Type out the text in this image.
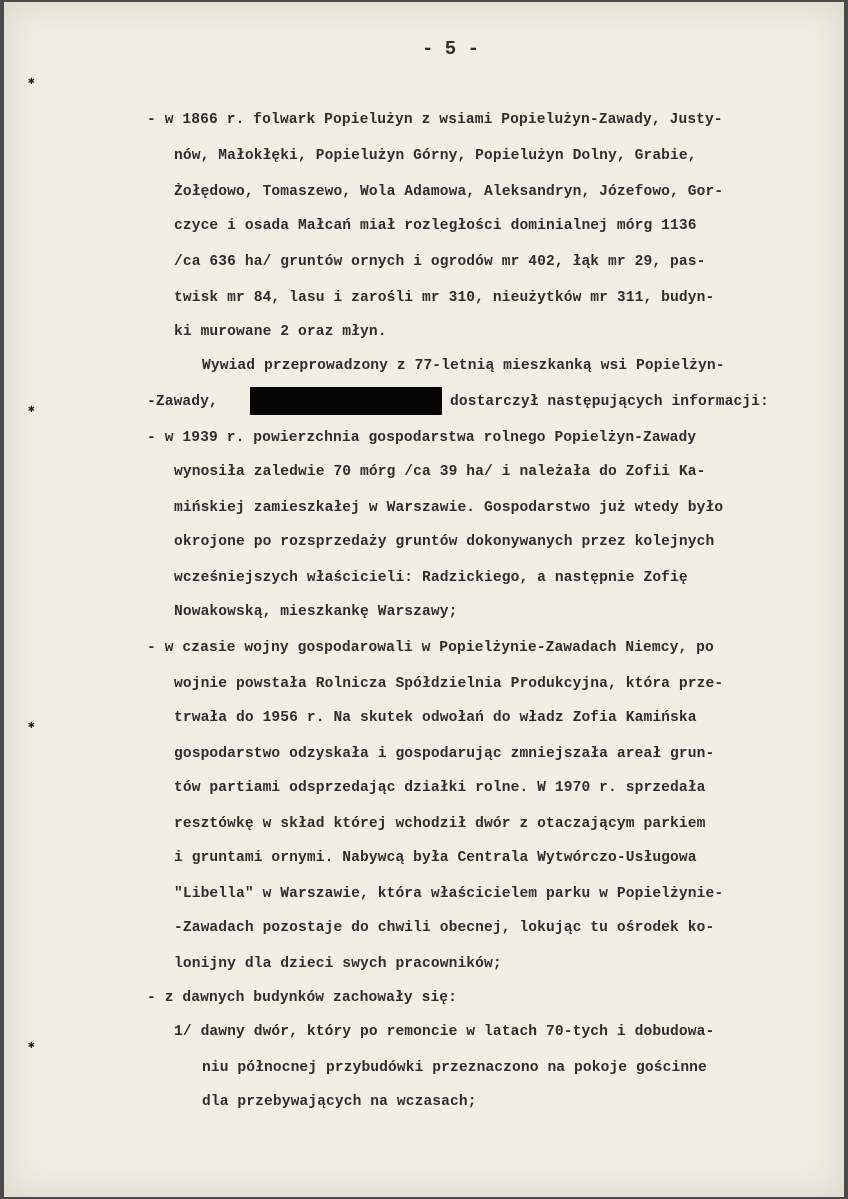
- 5 -
✱
✱
✱
✱
- w 1866 r. folwark Popielużyn z wsiami Popielużyn-Zawady, Justy-
nów, Małokłęki, Popielużyn Górny, Popielużyn Dolny, Grabie,
Żołędowo, Tomaszewo, Wola Adamowa, Aleksandryn, Józefowo, Gor-
czyce i osada Małcań miał rozległości dominialnej mórg 1136
/ca 636 ha/ gruntów ornych i ogrodów mr 402, łąk mr 29, pas-
twisk mr 84, lasu i zarośli mr 310, nieużytków mr 311, budyn-
ki murowane 2 oraz młyn.
Wywiad przeprowadzony z 77-letnią mieszkanką wsi Popielżyn-
-Zawady,	dostarczył następujących informacji:
- w 1939 r. powierzchnia gospodarstwa rolnego Popielżyn-Zawady
wynosiła zaledwie 70 mórg /ca 39 ha/ i należała do Zofii Ka-
mińskiej zamieszkałej w Warszawie. Gospodarstwo już wtedy było
okrojone po rozsprzedaży gruntów dokonywanych przez kolejnych
wcześniejszych właścicieli: Radzickiego, a następnie Zofię
Nowakowską, mieszkankę Warszawy;
- w czasie wojny gospodarowali w Popielżynie-Zawadach Niemcy, po
wojnie powstała Rolnicza Spółdzielnia Produkcyjna, która prze-
trwała do 1956 r. Na skutek odwołań do władz Zofia Kamińska
gospodarstwo odzyskała i gospodarując zmniejszała areał grun-
tów partiami odsprzedając działki rolne. W 1970 r. sprzedała
resztówkę w skład której wchodził dwór z otaczającym parkiem
i gruntami ornymi. Nabywcą była Centrala Wytwórczo-Usługowa
"Libella" w Warszawie, która właścicielem parku w Popielżynie-
-Zawadach pozostaje do chwili obecnej, lokując tu ośrodek ko-
lonijny dla dzieci swych pracowników;
- z dawnych budynków zachowały się:
1/ dawny dwór, który po remoncie w latach 70-tych i dobudowa-
niu północnej przybudówki przeznaczono na pokoje gościnne
dla przebywających na wczasach;
